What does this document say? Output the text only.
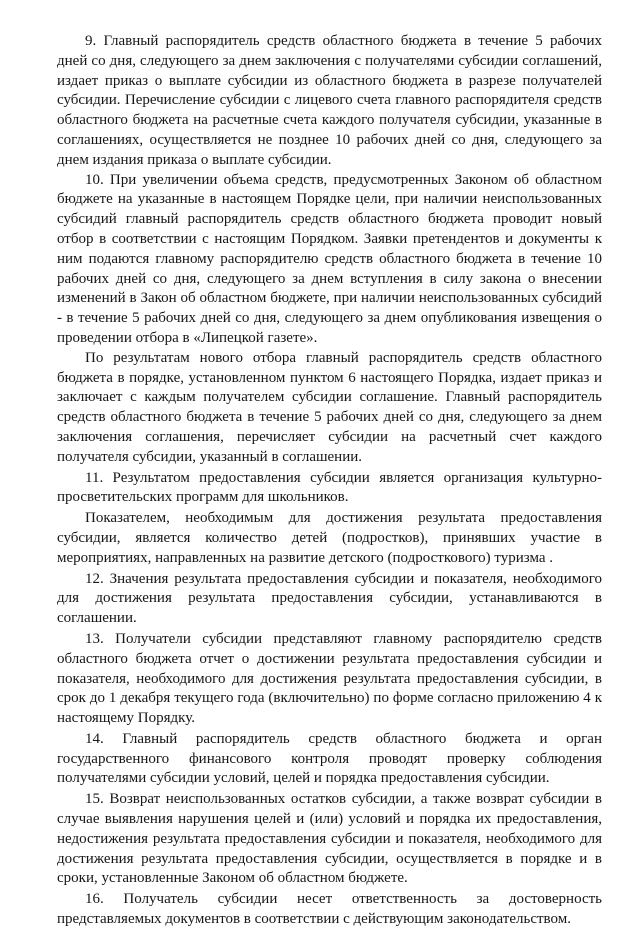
9. Главный распорядитель средств областного бюджета в течение 5 рабочих дней со дня, следующего за днем заключения с получателями субсидии соглашений, издает приказ о выплате субсидии из областного бюджета в разрезе получателей субсидии. Перечисление субсидии с лицевого счета главного распорядителя средств областного бюджета на расчетные счета каждого получателя субсидии, указанные в соглашениях, осуществляется не позднее 10 рабочих дней со дня, следующего за днем издания приказа о выплате субсидии.

10. При увеличении объема средств, предусмотренных Законом об областном бюджете на указанные в настоящем Порядке цели, при наличии неиспользованных субсидий главный распорядитель средств областного бюджета проводит новый отбор в соответствии с настоящим Порядком. Заявки претендентов и документы к ним подаются главному распорядителю средств областного бюджета в течение 10 рабочих дней со дня, следующего за днем вступления в силу закона о внесении изменений в Закон об областном бюджете, при наличии неиспользованных субсидий - в течение 5 рабочих дней со дня, следующего за днем опубликования извещения о проведении отбора в «Липецкой газете».

По результатам нового отбора главный распорядитель средств областного бюджета в порядке, установленном пунктом 6 настоящего Порядка, издает приказ и заключает с каждым получателем субсидии соглашение. Главный распорядитель средств областного бюджета в течение 5 рабочих дней со дня, следующего за днем заключения соглашения, перечисляет субсидии на расчетный счет каждого получателя субсидии, указанный в соглашении.

11. Результатом предоставления субсидии является организация культурно-просветительских программ для школьников.

Показателем, необходимым для достижения результата предоставления субсидии, является количество детей (подростков), принявших участие в мероприятиях, направленных на развитие детского (подросткового) туризма .

12. Значения результата предоставления субсидии и показателя, необходимого для достижения результата предоставления субсидии, устанавливаются в соглашении.

13. Получатели субсидии представляют главному распорядителю средств областного бюджета отчет о достижении результата предоставления субсидии и показателя, необходимого для достижения результата предоставления субсидии, в срок до 1 декабря текущего года (включительно) по форме согласно приложению 4 к настоящему Порядку.

14. Главный распорядитель средств областного бюджета и орган государственного финансового контроля проводят проверку соблюдения получателями субсидии условий, целей и порядка предоставления субсидии.

15. Возврат неиспользованных остатков субсидии, а также возврат субсидии в случае выявления нарушения целей и (или) условий и порядка их предоставления, недостижения результата предоставления субсидии и показателя, необходимого для достижения результата предоставления субсидии, осуществляется в порядке и в сроки, установленные Законом об областном бюджете.

16. Получатель субсидии несет ответственность за достоверность представляемых документов в соответствии с действующим законодательством.
